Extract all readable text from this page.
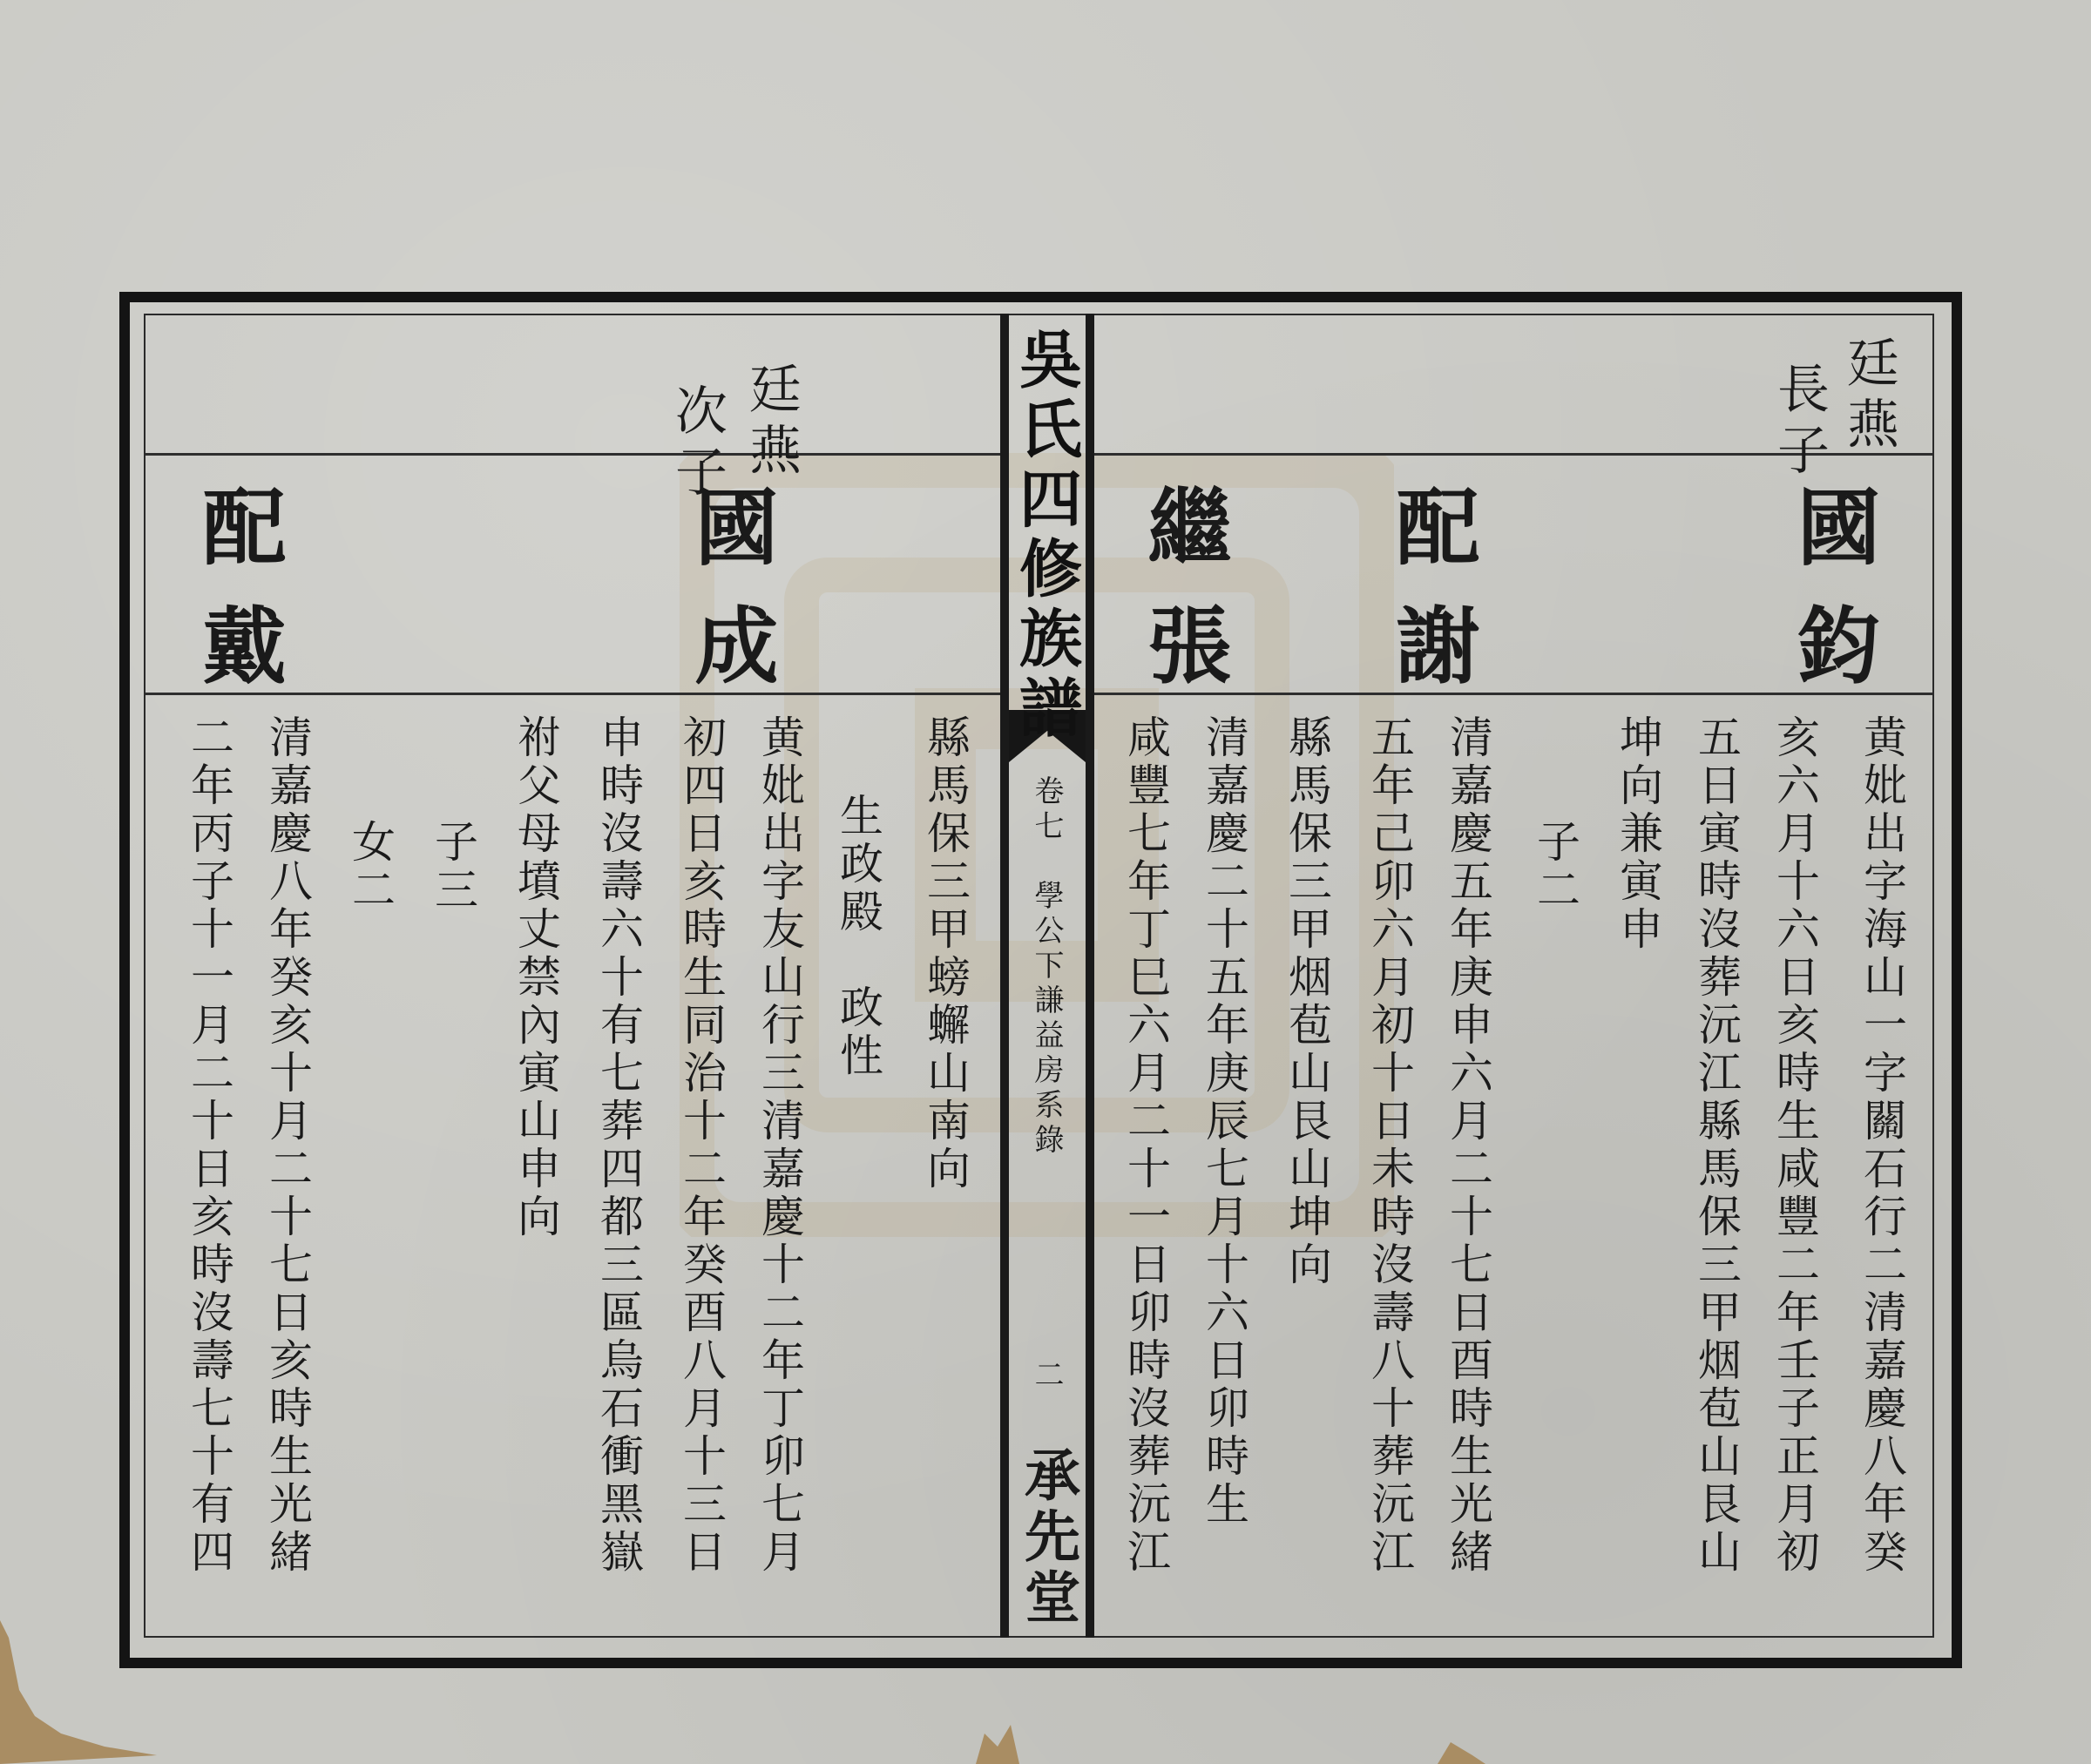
吳氏四修族譜
卷七
學公下謙益房系錄
二
承先堂
廷燕
長子
國鈞
配謝
繼張
黄妣出字海山一字關石行二清嘉慶八年癸
亥六月十六日亥時生咸豐二年壬子正月初
五日寅時沒葬沅江縣馬保三甲烟苞山艮山
坤向兼寅申
子二
清嘉慶五年庚申六月二十七日酉時生光緒
五年己卯六月初十日未時沒壽八十葬沅江
縣馬保三甲烟苞山艮山坤向
清嘉慶二十五年庚辰七月十六日卯時生
咸豐七年丁巳六月二十一日卯時沒葬沅江
縣馬保三甲螃蠏山南向
生政殿　政性
廷燕
次子
國成
配戴
黄妣出字友山行三清嘉慶十二年丁卯七月
初四日亥時生同治十二年癸酉八月十三日
申時沒壽六十有七葬四都三區烏石衝黑嶽
祔父母墳丈禁內寅山申向
子三
女二
清嘉慶八年癸亥十月二十七日亥時生光緒
二年丙子十一月二十日亥時沒壽七十有四
